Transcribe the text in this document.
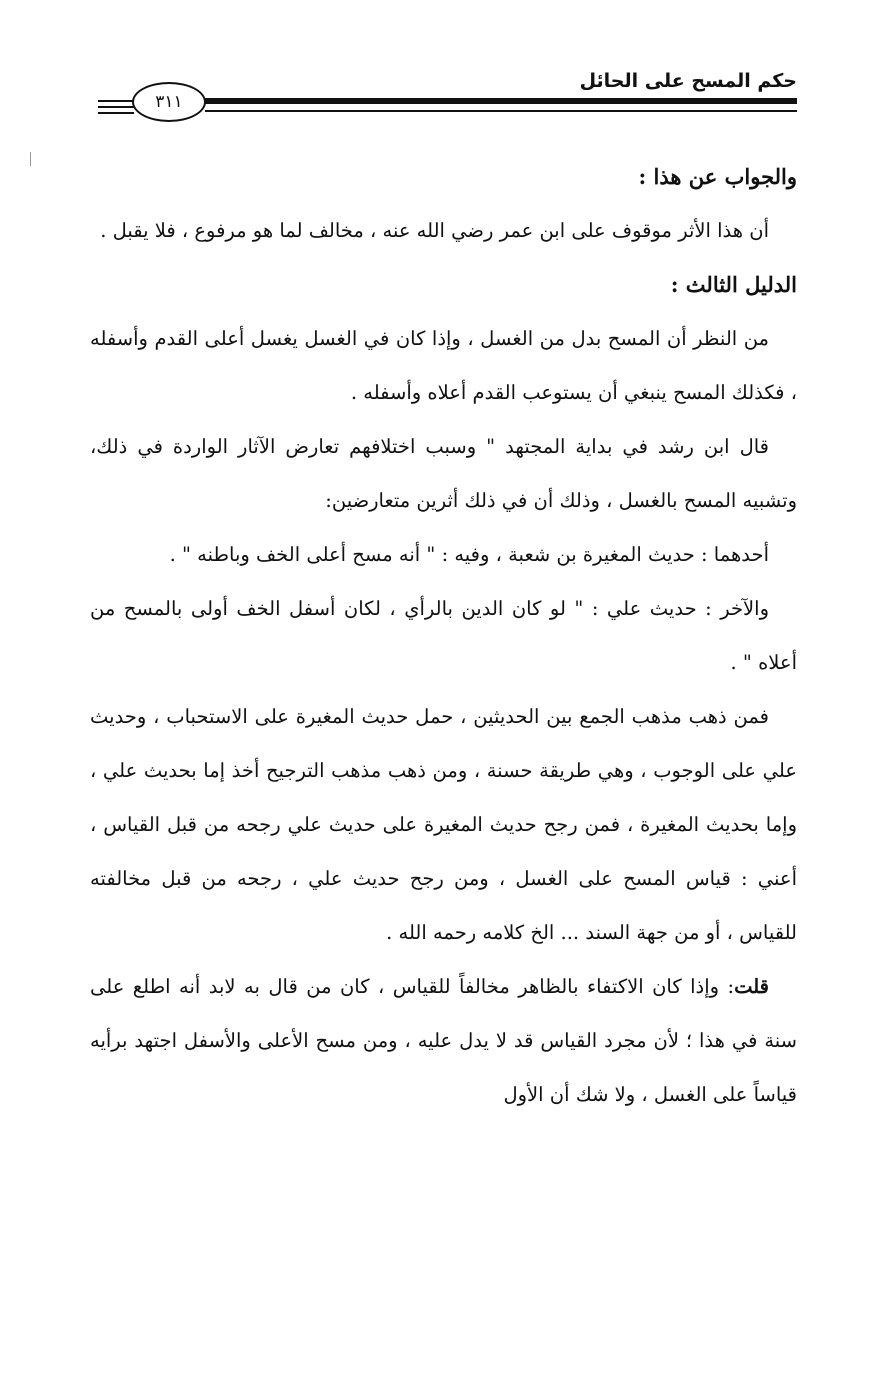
حكم المسح على الحائل
٣١١

والجواب عن هذا :

أن هذا الأثر موقوف على ابن عمر رضي الله عنه ، مخالف لما هو مرفوع ، فلا يقبل .

الدليل الثالث :

من النظر أن المسح بدل من الغسل ، وإذا كان في الغسل يغسل أعلى القدم وأسفله ، فكذلك المسح ينبغي أن يستوعب القدم أعلاه وأسفله .

قال ابن رشد في بداية المجتهد " وسبب اختلافهم تعارض الآثار الواردة في ذلك، وتشبيه المسح بالغسل ، وذلك أن في ذلك أثرين متعارضين:

أحدهما : حديث المغيرة بن شعبة ، وفيه : " أنه مسح أعلى الخف وباطنه " .

والآخر : حديث علي : " لو كان الدين بالرأي ، لكان أسفل الخف أولى بالمسح من أعلاه " .

فمن ذهب مذهب الجمع بين الحديثين ، حمل حديث المغيرة على الاستحباب ، وحديث علي على الوجوب ، وهي طريقة حسنة ، ومن ذهب مذهب الترجيح أخذ إما بحديث علي ، وإما بحديث المغيرة ، فمن رجح حديث المغيرة على حديث علي رجحه من قبل القياس ، أعني : قياس المسح على الغسل ، ومن رجح حديث علي ، رجحه من قبل مخالفته للقياس ، أو من جهة السند ... الخ كلامه رحمه الله .

قلت: وإذا كان الاكتفاء بالظاهر مخالفاً للقياس ، كان من قال به لابد أنه اطلع على سنة في هذا ؛ لأن مجرد القياس قد لا يدل عليه ، ومن مسح الأعلى والأسفل اجتهد برأيه قياساً على الغسل ، ولا شك أن الأول
